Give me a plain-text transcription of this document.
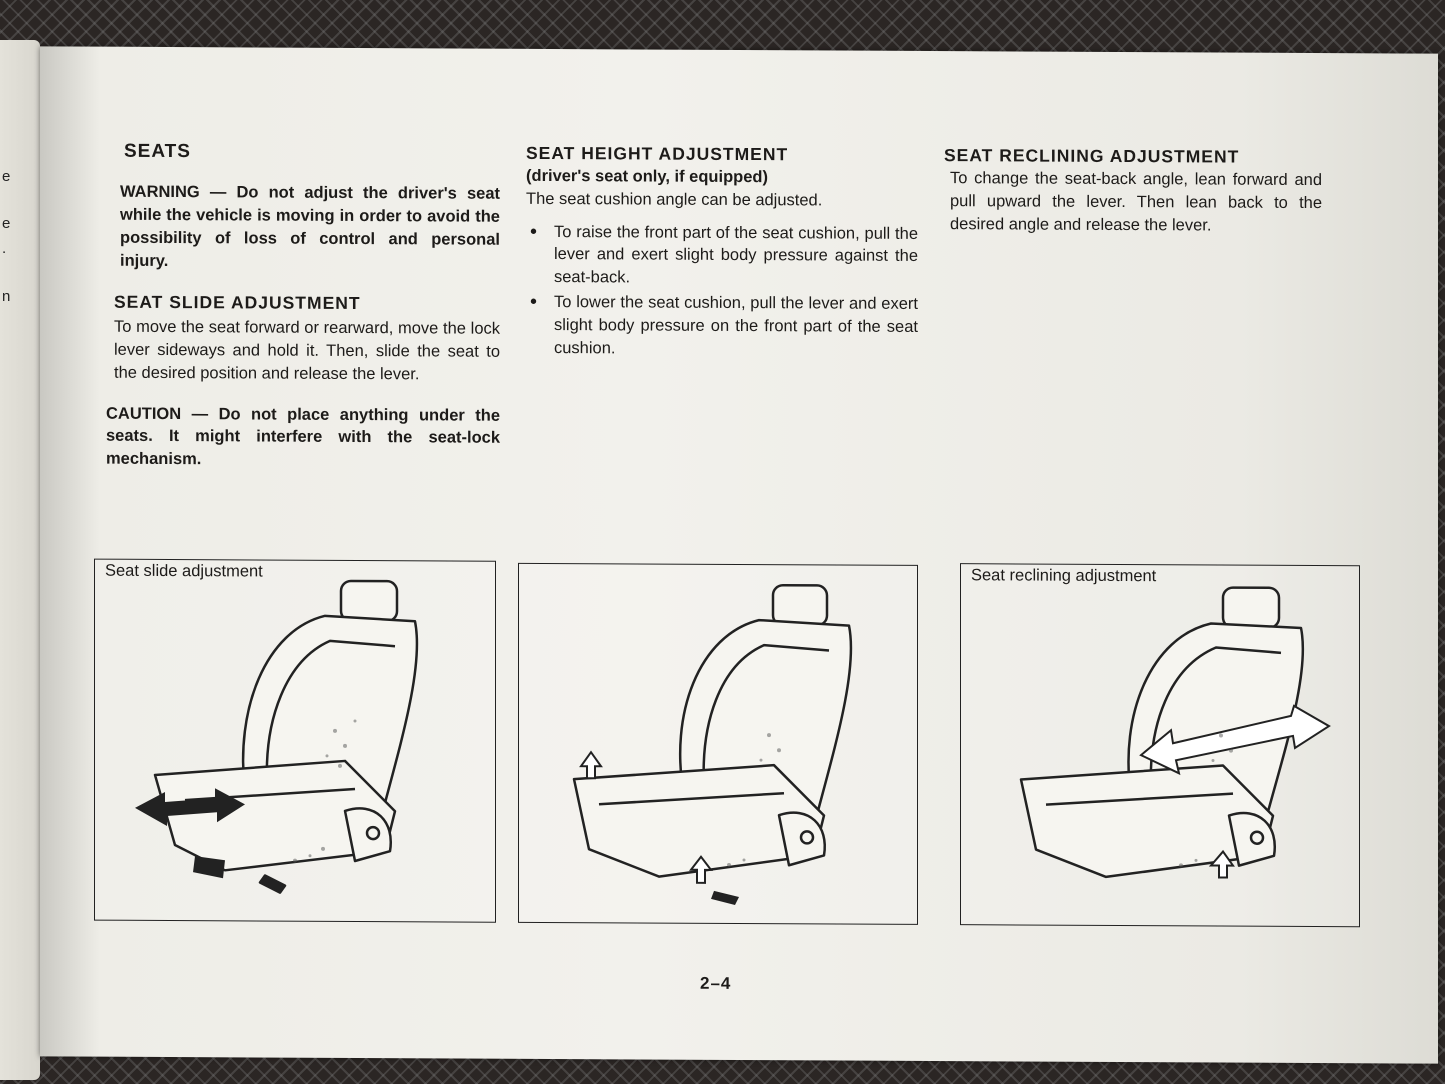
e
e
.
n
SEATS

WARNING — Do not adjust the driver's seat while the vehicle is moving in order to avoid the possibility of loss of control and personal injury.

SEAT SLIDE ADJUSTMENT

To move the seat forward or rearward, move the lock lever sideways and hold it. Then, slide the seat to the desired position and release the lever.

CAUTION — Do not place anything under the seats. It might interfere with the seat-lock mechanism.

SEAT HEIGHT ADJUSTMENT
(driver's seat only, if equipped)

The seat cushion angle can be adjusted.

• To raise the front part of the seat cushion, pull the lever and exert slight body pressure against the seat-back.
• To lower the seat cushion, pull the lever and exert slight body pressure on the front part of the seat cushion.
SEAT RECLINING ADJUSTMENT

To change the seat-back angle, lean forward and pull upward the lever. Then lean back to the desired angle and release the lever.

Seat slide adjustment	Seat reclining adjustment
2–4
